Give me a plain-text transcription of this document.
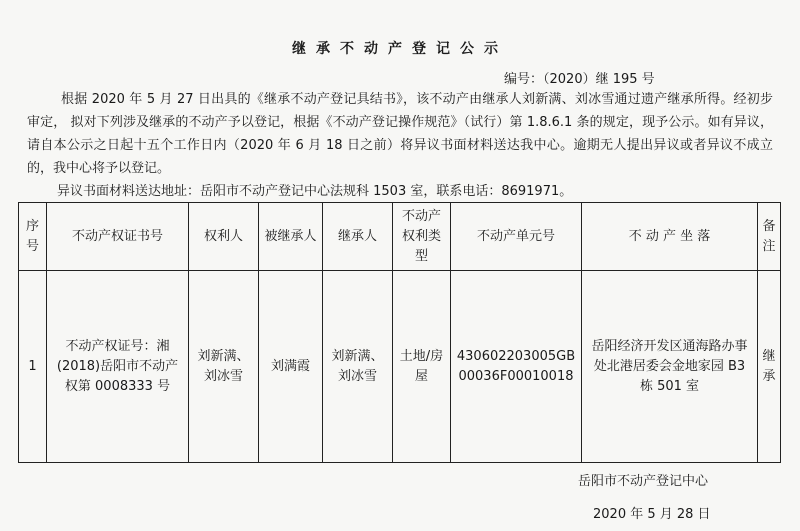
继承不动产登记公示
编号：（2020）继 195 号
根据 2020 年 5 月 27 日出具的《继承不动产登记具结书》，该不动产由继承人刘新满、刘冰雪通过遗产继承所得。经初步审定， 拟对下列涉及继承的不动产予以登记，根据《不动产登记操作规范》（试行）第 1.8.6.1 条的规定，现予公示。如有异议，请自本公示之日起十五个工作日内（2020 年 6 月 18 日之前）将异议书面材料送达我中心。逾期无人提出异议或者异议不成立的，我中心将予以登记。
异议书面材料送达地址：岳阳市不动产登记中心法规科 1503 室，联系电话：8691971。
序号	不动产权证书号	权利人	被继承人	继承人	不动产权利类型	不动产单元号	不 动 产 坐 落	备注
1	不动产权证号：湘(2018)岳阳市不动产权第 0008333 号	刘新满、刘冰雪	刘满霞	刘新满、刘冰雪	土地/房屋	430602203005GB00036F00010018	岳阳经济开发区通海路办事处北港居委会金地家园 B3 栋 501 室	继承
岳阳市不动产登记中心
2020 年 5 月 28 日
